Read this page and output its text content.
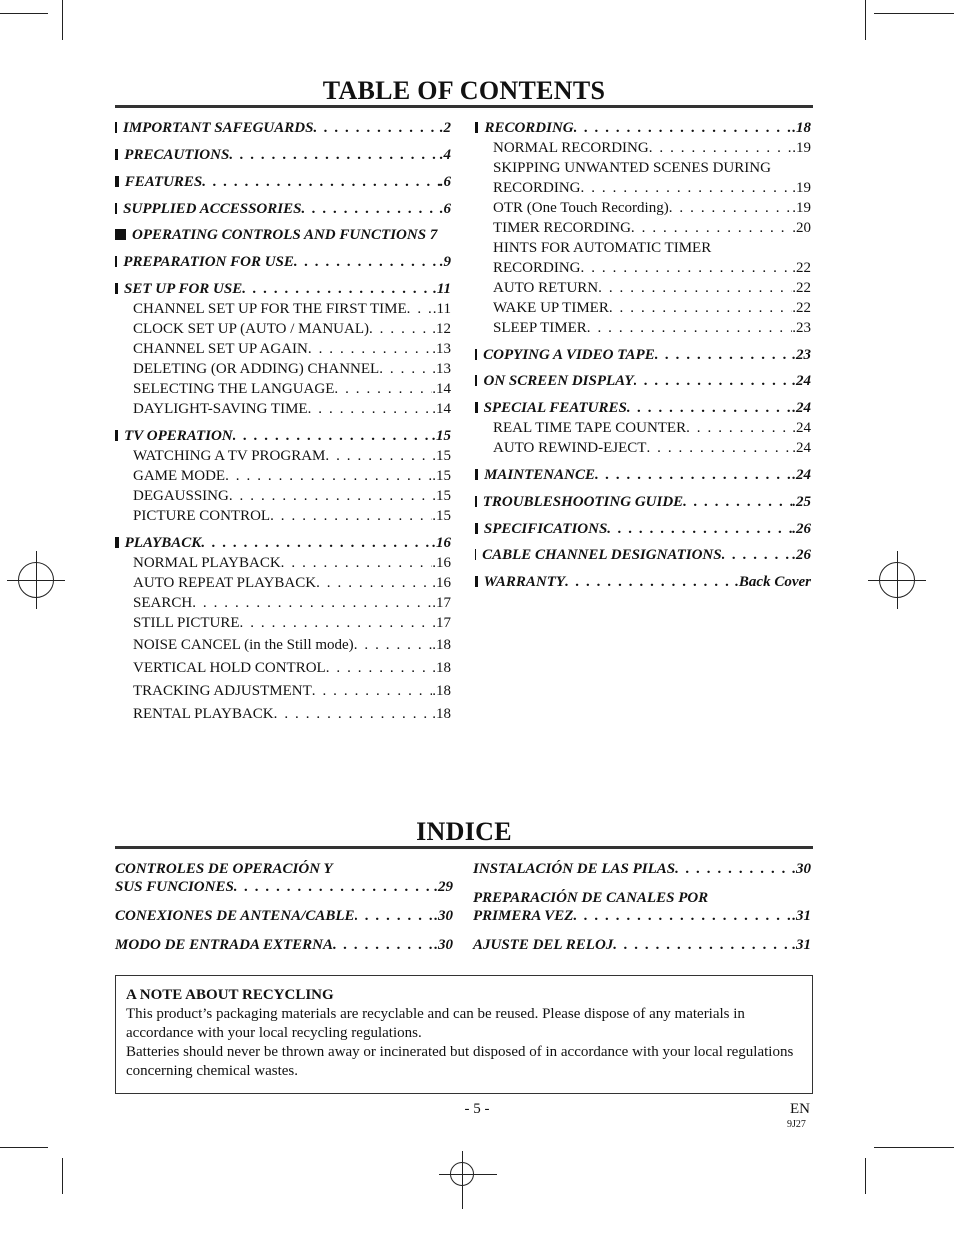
TABLE OF CONTENTS
IMPORTANT SAFEGUARDS . . .	.2
PRECAUTIONS . . .	.4
FEATURES . . .	.6
SUPPLIED ACCESSORIES . . .	.6
OPERATING CONTROLS AND FUNCTIONS 7
PREPARATION FOR USE . . .	.9
SET UP FOR USE . . .	.11
CHANNEL SET UP FOR THE FIRST TIME . . . .11
CLOCK SET UP (AUTO / MANUAL) . . .	.12
CHANNEL SET UP AGAIN . . .	.13
DELETING (OR ADDING) CHANNEL . . .	.13
SELECTING THE LANGUAGE . . .	.14
DAYLIGHT-SAVING TIME . . .	.14
TV OPERATION . . .	.15
WATCHING A TV PROGRAM . . .	.15
GAME MODE . . .	.15
DEGAUSSING . . .	.15
PICTURE CONTROL . . .	.15
PLAYBACK . . .	.16
NORMAL PLAYBACK . . .	.16
AUTO REPEAT PLAYBACK . . .	.16
SEARCH . . .	.17
STILL PICTURE . . .	.17
NOISE CANCEL (in the Still mode) . . .	.18
VERTICAL HOLD CONTROL . . .	.18
TRACKING ADJUSTMENT . . .	.18
RENTAL PLAYBACK . . .	.18
RECORDING . . .	.18
NORMAL RECORDING . . .	.19
SKIPPING UNWANTED SCENES DURING
RECORDING . . .	.19
OTR (One Touch Recording) . . .	.19
TIMER RECORDING . . .	.20
HINTS FOR AUTOMATIC TIMER
RECORDING . . .	.22
AUTO RETURN . . .	.22
WAKE UP TIMER . . .	.22
SLEEP TIMER . . .	.23
COPYING A VIDEO TAPE . . .	.23
ON SCREEN DISPLAY . . .	.24
SPECIAL FEATURES . . .	.24
REAL TIME TAPE COUNTER . . .	.24
AUTO REWIND-EJECT . . .	.24
MAINTENANCE . . .	.24
TROUBLESHOOTING GUIDE . . .	.25
SPECIFICATIONS . . .	.26
CABLE CHANNEL DESIGNATIONS . . .	.26
WARRANTY . . .	.Back Cover
INDICE
CONTROLES DE OPERACIÓN Y
SUS FUNCIONES . . .	.29
CONEXIONES DE ANTENA/CABLE . . .	.30
MODO DE ENTRADA EXTERNA . . .	.30
INSTALACIÓN DE LAS PILAS . . .	.30
PREPARACIÓN DE CANALES POR
PRIMERA VEZ . . .	.31
AJUSTE DEL RELOJ . . .	.31
A NOTE ABOUT RECYCLING

This product’s packaging materials are recyclable and can be reused. Please dispose of any materials in accordance with your local recycling regulations.

Batteries should never be thrown away or incinerated but disposed of in accordance with your local regulations concerning chemical wastes.

- 5 -	EN
9J27
